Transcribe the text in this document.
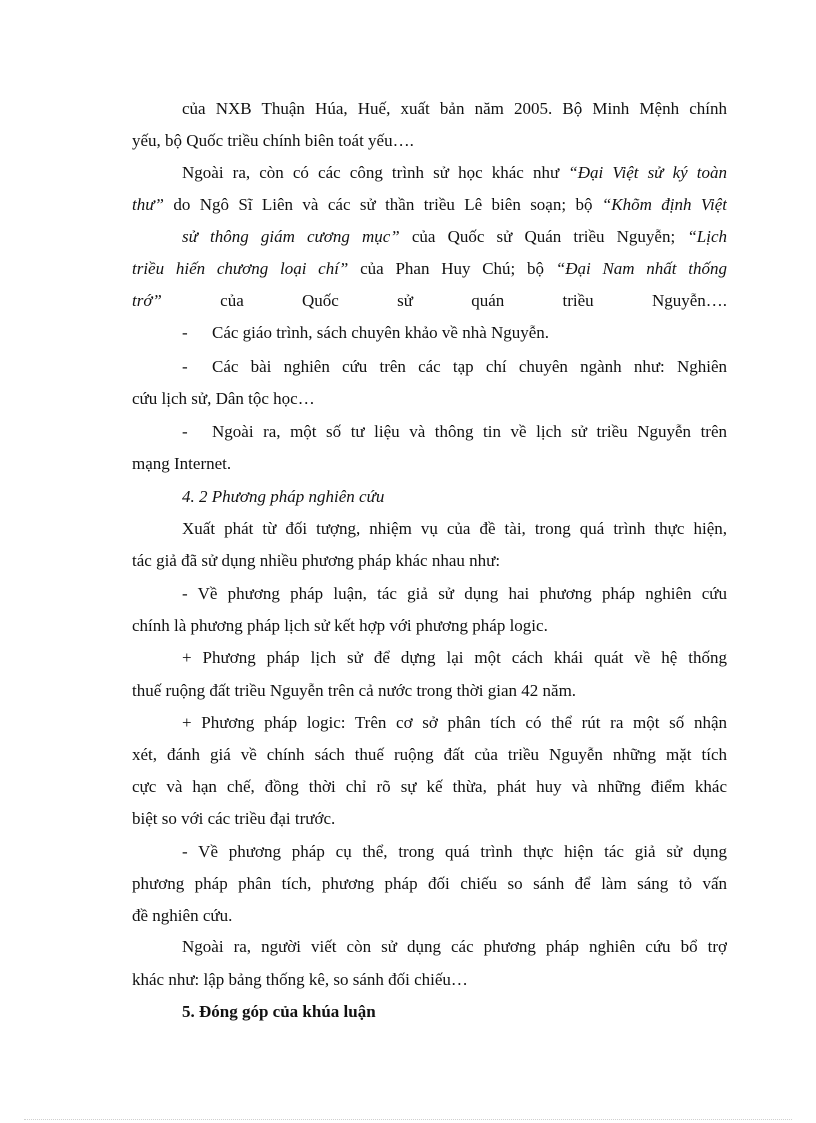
của NXB Thuận Húa, Huế, xuất bản năm 2005. Bộ Minh Mệnh chính
yếu, bộ Quốc triều chính biên toát yếu….
Ngoài ra, còn có các công trình sử học khác như “Đại Việt sử ký toàn
thư” do Ngô Sĩ Liên và các sử thần triều Lê biên soạn; bộ “Khõm định Việt
sử thông giám cương mục” của Quốc sử Quán triều Nguyễn; “Lịch
triều hiến chương loại chí” của Phan Huy Chú; bộ “Đại Nam nhất thống
trớ”	của Quốc sử quán triều Nguyễn….
- Các giáo trình, sách chuyên khảo về nhà Nguyễn.
- Các bài nghiên cứu trên các tạp chí chuyên ngành như: Nghiên
cứu lịch sử, Dân tộc học…
- Ngoài ra, một số tư liệu và thông tin về lịch sử triều Nguyễn trên
mạng Internet.
4. 2 Phương pháp nghiên cứu
Xuất phát từ đối tượng, nhiệm vụ của đề tài, trong quá trình thực hiện,
tác giả đã sử dụng nhiều phương pháp khác nhau như:
- Về phương pháp luận, tác giả sử dụng hai phương pháp nghiên cứu
chính là phương pháp lịch sử kết hợp với phương pháp logic.
+ Phương pháp lịch sử để dựng lại một cách khái quát về hệ thống
thuế ruộng đất triều Nguyễn trên cả nước trong thời gian 42 năm.
+ Phương pháp logic: Trên cơ sở phân tích có thể rút ra một số nhận
xét, đánh giá về chính sách thuế ruộng đất của triều Nguyễn những mặt tích
cực và hạn chế, đồng thời chỉ rõ sự kế thừa, phát huy và những điểm khác
biệt so với các triều đại trước.
- Về phương pháp cụ thể, trong quá trình thực hiện tác giả sử dụng
phương pháp phân tích, phương pháp đối chiếu so sánh để làm sáng tỏ vấn
đề nghiên cứu.
Ngoài ra, người viết còn sử dụng các phương pháp nghiên cứu bổ trợ
khác như: lập bảng thống kê, so sánh đối chiếu…
5. Đóng góp của khúa luận
